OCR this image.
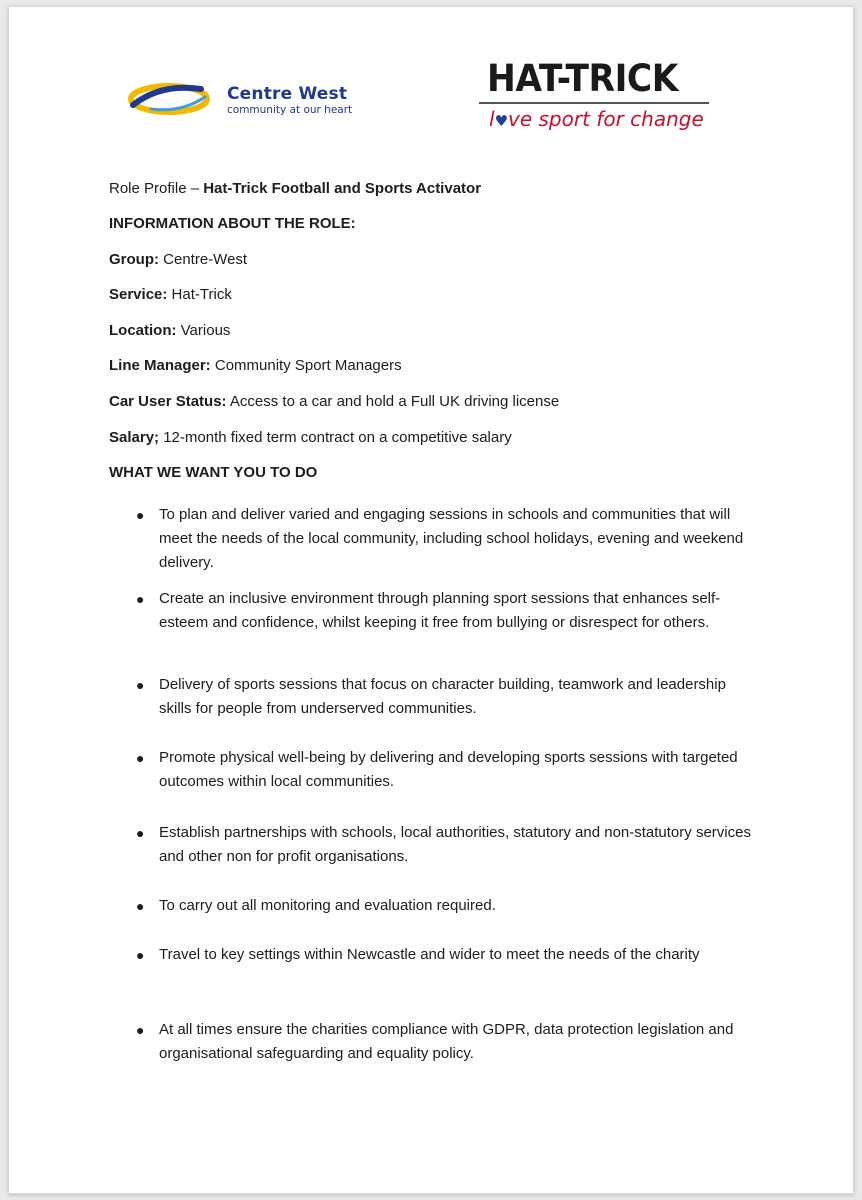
Centre West
community at our heart
HAT-TRICK
l♥ve sport for change

Role Profile – Hat-Trick Football and Sports Activator

INFORMATION ABOUT THE ROLE:

Group: Centre-West

Service: Hat-Trick

Location: Various

Line Manager: Community Sport Managers

Car User Status: Access to a car and hold a Full UK driving license

Salary; 12-month fixed term contract on a competitive salary

WHAT WE WANT YOU TO DO

● To plan and deliver varied and engaging sessions in schools and communities that will meet the needs of the local community, including school holidays, evening and weekend delivery.
● Create an inclusive environment through planning sport sessions that enhances self-esteem and confidence, whilst keeping it free from bullying or disrespect for others.
● Delivery of sports sessions that focus on character building, teamwork and leadership skills for people from underserved communities.
● Promote physical well-being by delivering and developing sports sessions with targeted outcomes within local communities.
● Establish partnerships with schools, local authorities, statutory and non-statutory services and other non for profit organisations.
● To carry out all monitoring and evaluation required.
● Travel to key settings within Newcastle and wider to meet the needs of the charity
● At all times ensure the charities compliance with GDPR, data protection legislation and organisational safeguarding and equality policy.
